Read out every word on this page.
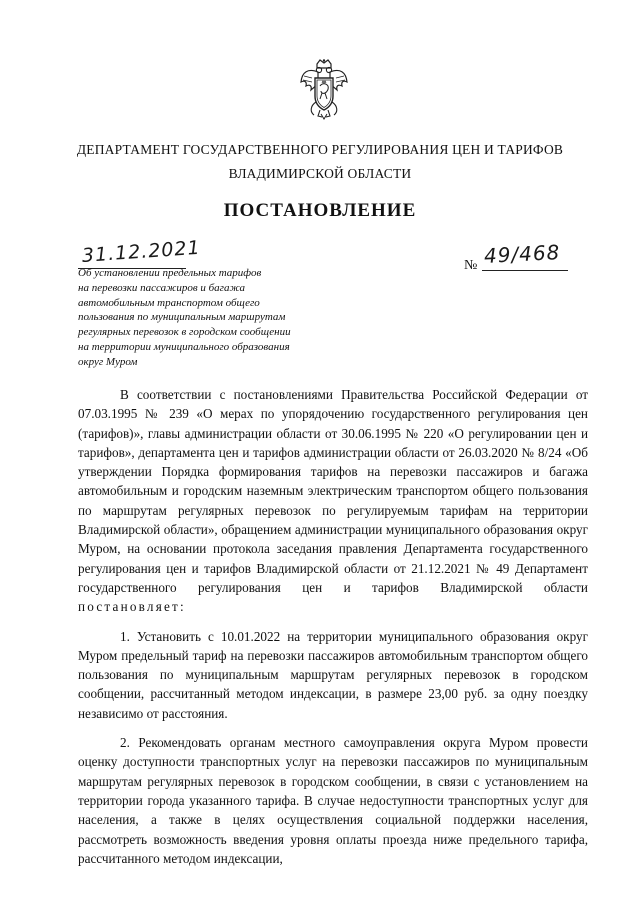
ДЕПАРТАМЕНТ ГОСУДАРСТВЕННОГО РЕГУЛИРОВАНИЯ ЦЕН И ТАРИФОВ
ВЛАДИМИРСКОЙ ОБЛАСТИ
ПОСТАНОВЛЕНИЕ
31.12.2021	№ 49/468
Об установлении предельных тарифов
на перевозки пассажиров и багажа
автомобильным транспортом общего
пользования по муниципальным маршрутам
регулярных перевозок в городском сообщении
на территории муниципального образования
округ Муром

В соответствии с постановлениями Правительства Российской Федерации от 07.03.1995 № 239 «О мерах по упорядочению государственного регулирования цен (тарифов)», главы администрации области от 30.06.1995 № 220 «О регулировании цен и тарифов», департамента цен и тарифов администрации области от 26.03.2020 № 8/24 «Об утверждении Порядка формирования тарифов на перевозки пассажиров и багажа автомобильным и городским наземным электрическим транспортом общего пользования по маршрутам регулярных перевозок по регулируемым тарифам на территории Владимирской области», обращением администрации муниципального образования округ Муром, на основании протокола заседания правления Департамента государственного регулирования цен и тарифов Владимирской области от 21.12.2021 № 49 Департамент государственного регулирования цен и тарифов Владимирской области постановляет:

1. Установить с 10.01.2022 на территории муниципального образования округ Муром предельный тариф на перевозки пассажиров автомобильным транспортом общего пользования по муниципальным маршрутам регулярных перевозок в городском сообщении, рассчитанный методом индексации, в размере 23,00 руб. за одну поездку независимо от расстояния.

2. Рекомендовать органам местного самоуправления округа Муром провести оценку доступности транспортных услуг на перевозки пассажиров по муниципальным маршрутам регулярных перевозок в городском сообщении, в связи с установлением на территории города указанного тарифа. В случае недоступности транспортных услуг для населения, а также в целях осуществления социальной поддержки населения, рассмотреть возможность введения уровня оплаты проезда ниже предельного тарифа, рассчитанного методом индексации,
